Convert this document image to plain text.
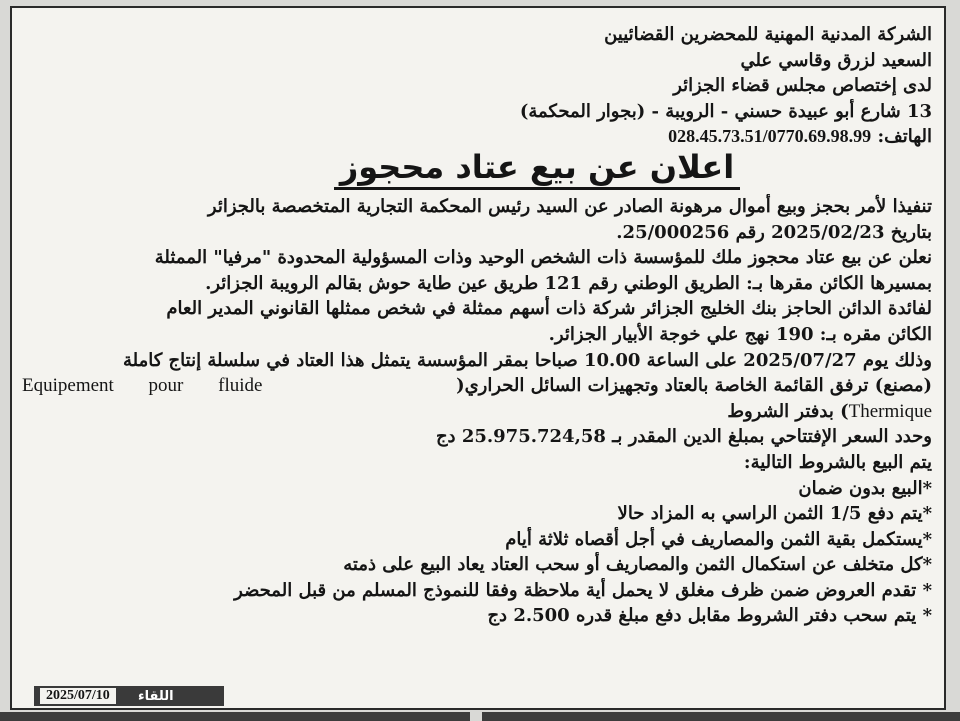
الشركة المدنية المهنية للمحضرين القضائيين
السعيد لزرق وقاسي علي
لدى إختصاص مجلس قضاء الجزائر
13 شارع أبو عبيدة حسني - الرويبة - (بجوار المحكمة)
الهاتف: 028.45.73.51/0770.69.98.99
اعلان عن بيع عتاد محجوز
تنفيذا لأمر بحجز وبيع أموال مرهونة الصادر عن السيد رئيس المحكمة التجارية المتخصصة بالجزائر
بتاريخ 2025/02/23 رقم 25/000256.
نعلن عن بيع عتاد محجوز ملك للمؤسسة ذات الشخص الوحيد وذات المسؤولية المحدودة "مرفيا" الممثلة
بمسيرها الكائن مقرها بـ: الطريق الوطني رقم 121 طريق عين طاية حوش بقالم الرويبة الجزائر.
لفائدة الدائن الحاجز بنك الخليج الجزائر شركة ذات أسهم ممثلة في شخص ممثلها القانوني المدير العام
الكائن مقره بـ: 190 نهج علي خوجة الأبيار الجزائر.
وذلك يوم 2025/07/27 على الساعة 10.00 صباحا بمقر المؤسسة يتمثل هذا العتاد في سلسلة إنتاج كاملة
(مصنع) ترفق القائمة الخاصة بالعتاد وتجهيزات السائل الحراري(
Equipement pour fluide
Thermique) بدفتر الشروط
وحدد السعر الإفتتاحي بمبلغ الدين المقدر بـ 25.975.724,58 دج
يتم البيع بالشروط التالية:
*البيع بدون ضمان
*يتم دفع 1/5 الثمن الراسي به المزاد حالا
*يستكمل بقية الثمن والمصاريف في أجل أقصاه ثلاثة أيام
*كل متخلف عن استكمال الثمن والمصاريف أو سحب العتاد يعاد البيع على ذمته
* تقدم العروض ضمن ظرف مغلق لا يحمل أية ملاحظة وفقا للنموذج المسلم من قبل المحضر
* يتم سحب دفتر الشروط مقابل دفع مبلغ قدره 2.500 دج
2025/07/10	اللقاء
